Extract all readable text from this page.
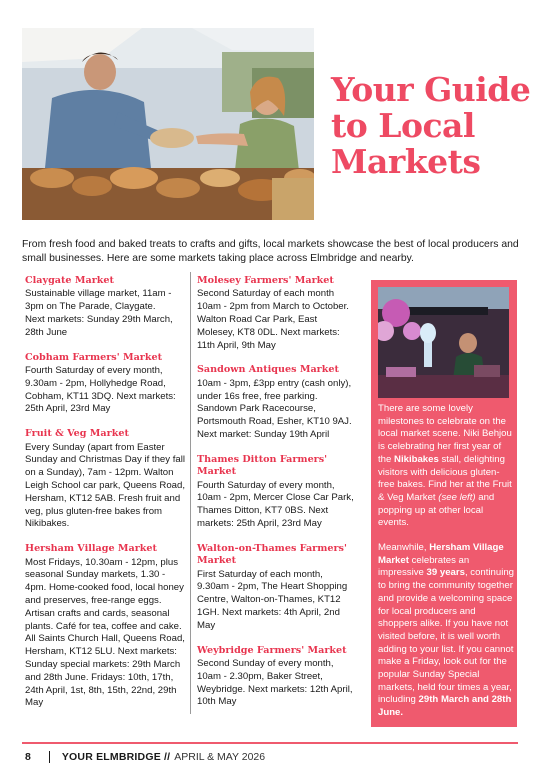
Your Guide
to Local
Markets

From fresh food and baked treats to crafts and gifts, local markets showcase the best of local producers and small businesses. Here are some markets taking place across Elmbridge and nearby.

Claygate Market

Sustainable village market, 11am - 3pm on The Parade, Claygate.
Next markets: Sunday 29th March, 28th June

Cobham Farmers' Market

Fourth Saturday of every month, 9.30am - 2pm, Hollyhedge Road, Cobham, KT11 3DQ. Next markets: 25th April, 23rd May

Fruit & Veg Market

Every Sunday (apart from Easter Sunday and Christmas Day if they fall on a Sunday), 7am - 12pm. Walton Leigh School car park, Queens Road, Hersham, KT12 5AB. Fresh fruit and veg, plus gluten-free bakes from Nikibakes.

Hersham Village Market

Most Fridays, 10.30am - 12pm, plus seasonal Sunday markets, 1.30 - 4pm. Home-cooked food, local honey and preserves, free-range eggs. Artisan crafts and cards, seasonal plants. Café for tea, coffee and cake. All Saints Church Hall, Queens Road, Hersham, KT12 5LU. Next markets: Sunday special markets: 29th March and 28th June. Fridays: 10th, 17th, 24th April, 1st, 8th, 15th, 22nd, 29th May

Molesey Farmers' Market

Second Saturday of each month 10am - 2pm from March to October. Walton Road Car Park, East Molesey, KT8 0DL. Next markets: 11th April, 9th May

Sandown Antiques Market

10am - 3pm, £3pp entry (cash only), under 16s free, free parking. Sandown Park Racecourse, Portsmouth Road, Esher, KT10 9AJ. Next market: Sunday 19th April

Thames Ditton Farmers' Market

Fourth Saturday of every month, 10am - 2pm, Mercer Close Car Park, Thames Ditton, KT7 0BS. Next markets: 25th April, 23rd May

Walton-on-Thames Farmers' Market

First Saturday of each month, 9.30am - 2pm, The Heart Shopping Centre, Walton-on-Thames, KT12 1GH. Next markets: 4th April, 2nd May

Weybridge Farmers' Market

Second Sunday of every month, 10am - 2.30pm, Baker Street, Weybridge. Next markets: 12th April, 10th May

There are some lovely milestones to celebrate on the local market scene. Niki Behjou is celebrating her first year of the Nikibakes stall, delighting visitors with delicious gluten-free bakes. Find her at the Fruit & Veg Market (see left) and popping up at other local events.

Meanwhile, Hersham Village Market celebrates an impressive 39 years, continuing to bring the community together and provide a welcoming space for local producers and shoppers alike. If you have not visited before, it is well worth adding to your list. If you cannot make a Friday, look out for the popular Sunday Special markets, held four times a year, including 29th March and 28th June.

8	YOUR ELMBRIDGE // APRIL & MAY 2026
